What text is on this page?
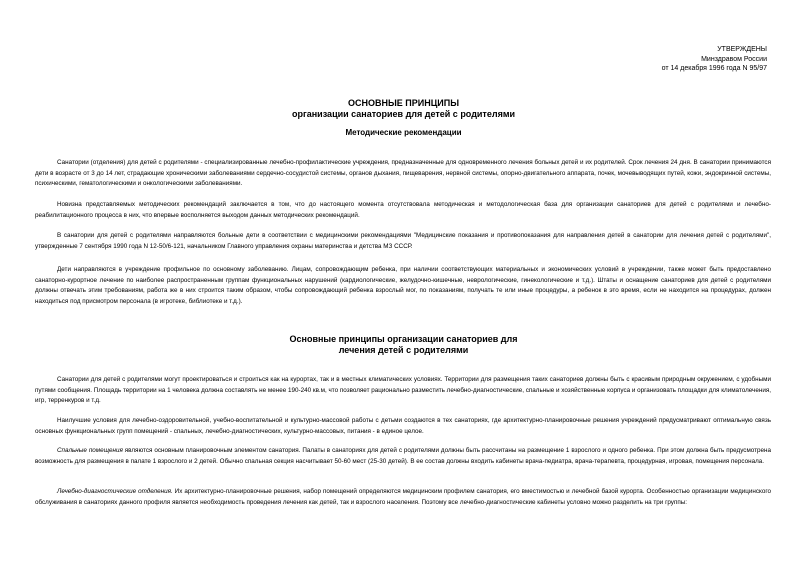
УТВЕРЖДЕНЫ
Минздравом России
от 14 декабря 1996 года N 95/97
ОСНОВНЫЕ ПРИНЦИПЫ
организации санаториев для детей с родителями
Методические рекомендации

Санатории (отделения) для детей с родителями - специализированные лечебно-профилактические учреждения, предназначенные для одновременного лечения больных детей и их родителей. Срок лечения 24 дня. В санатории принимаются дети в возрасте от 3 до 14 лет, страдающие хроническими заболеваниями сердечно-сосудистой системы, органов дыхания, пищеварения, нервной системы, опорно-двигательного аппарата, почек, мочевыводящих путей, кожи, эндокринной системы, психическими, гематологическими и онкологическими заболеваниями.

Новизна представляемых методических рекомендаций заключается в том, что до настоящего момента отсутствовала методическая и методологическая база для организации санаториев для детей с родителями и лечебно-реабилитационного процесса в них, что впервые восполняется выходом данных методических рекомендаций.

В санатории для детей с родителями направляются больные дети в соответствии с медицинскими рекомендациями "Медицинские показания и противопоказания для направления детей в санатории для лечения детей с родителями", утвержденные 7 сентября 1990 года N 12-50/6-121, начальником Главного управления охраны материнства и детства МЗ СССР.

Дети направляются в учреждение профильное по основному заболеванию. Лицам, сопровождающим ребенка, при наличии соответствующих материальных и экономических условий в учреждении, также может быть предоставлено санаторно-курортное лечение по наиболее распространенным группам функциональных нарушений (кардиологические, желудочно-кишечные, неврологические, гинекологические и т.д.). Штаты и оснащение санаториев для детей с родителями должны отвечать этим требованиям, работа же в них строится таким образом, чтобы сопровождающий ребенка взрослый мог, по показаниям, получать те или иные процедуры, а ребенок в это время, если не находится на процедурах, должен находиться под присмотром персонала (в игротеке, библиотеке и т.д.).

Основные принципы организации санаториев для
лечения детей с родителями

Санатории для детей с родителями могут проектироваться и строиться как на курортах, так и в местных климатических условиях. Территории для размещения таких санаториев должны быть с красивым природным окружением, с удобными путями сообщения. Площадь территории на 1 человека должна составлять не менее 190-240 кв.м, что позволяет рационально разместить лечебно-диагностические, спальные и хозяйственные корпуса и организовать площадки для климатолечения, игр, терренкуров и т.д.

Наилучшие условия для лечебно-оздоровительной, учебно-воспитательной и культурно-массовой работы с детьми создаются в тех санаториях, где архитектурно-планировочные решения учреждений предусматривают оптимальную связь основных функциональных групп помещений - спальных, лечебно-диагностических, культурно-массовых, питания - в единое целое.

Спальные помещения являются основным планировочным элементом санатория. Палаты в санаториях для детей с родителями должны быть рассчитаны на размещение 1 взрослого и одного ребенка. При этом должна быть предусмотрена возможность для размещения в палате 1 взрослого и 2 детей. Обычно спальная секция насчитывает 50-60 мест (25-30 детей). В ее состав должны входить кабинеты врача-педиатра, врача-терапевта, процедурная, игровая, помещения персонала.

Лечебно-диагностические отделения. Их архитектурно-планировочные решения, набор помещений определяются медицинским профилем санатория, его вместимостью и лечебной базой курорта. Особенностью организации медицинского обслуживания в санаториях данного профиля является необходимость проведения лечения как детей, так и взрослого населения. Поэтому все лечебно-диагностические кабинеты условно можно разделить на три группы:
